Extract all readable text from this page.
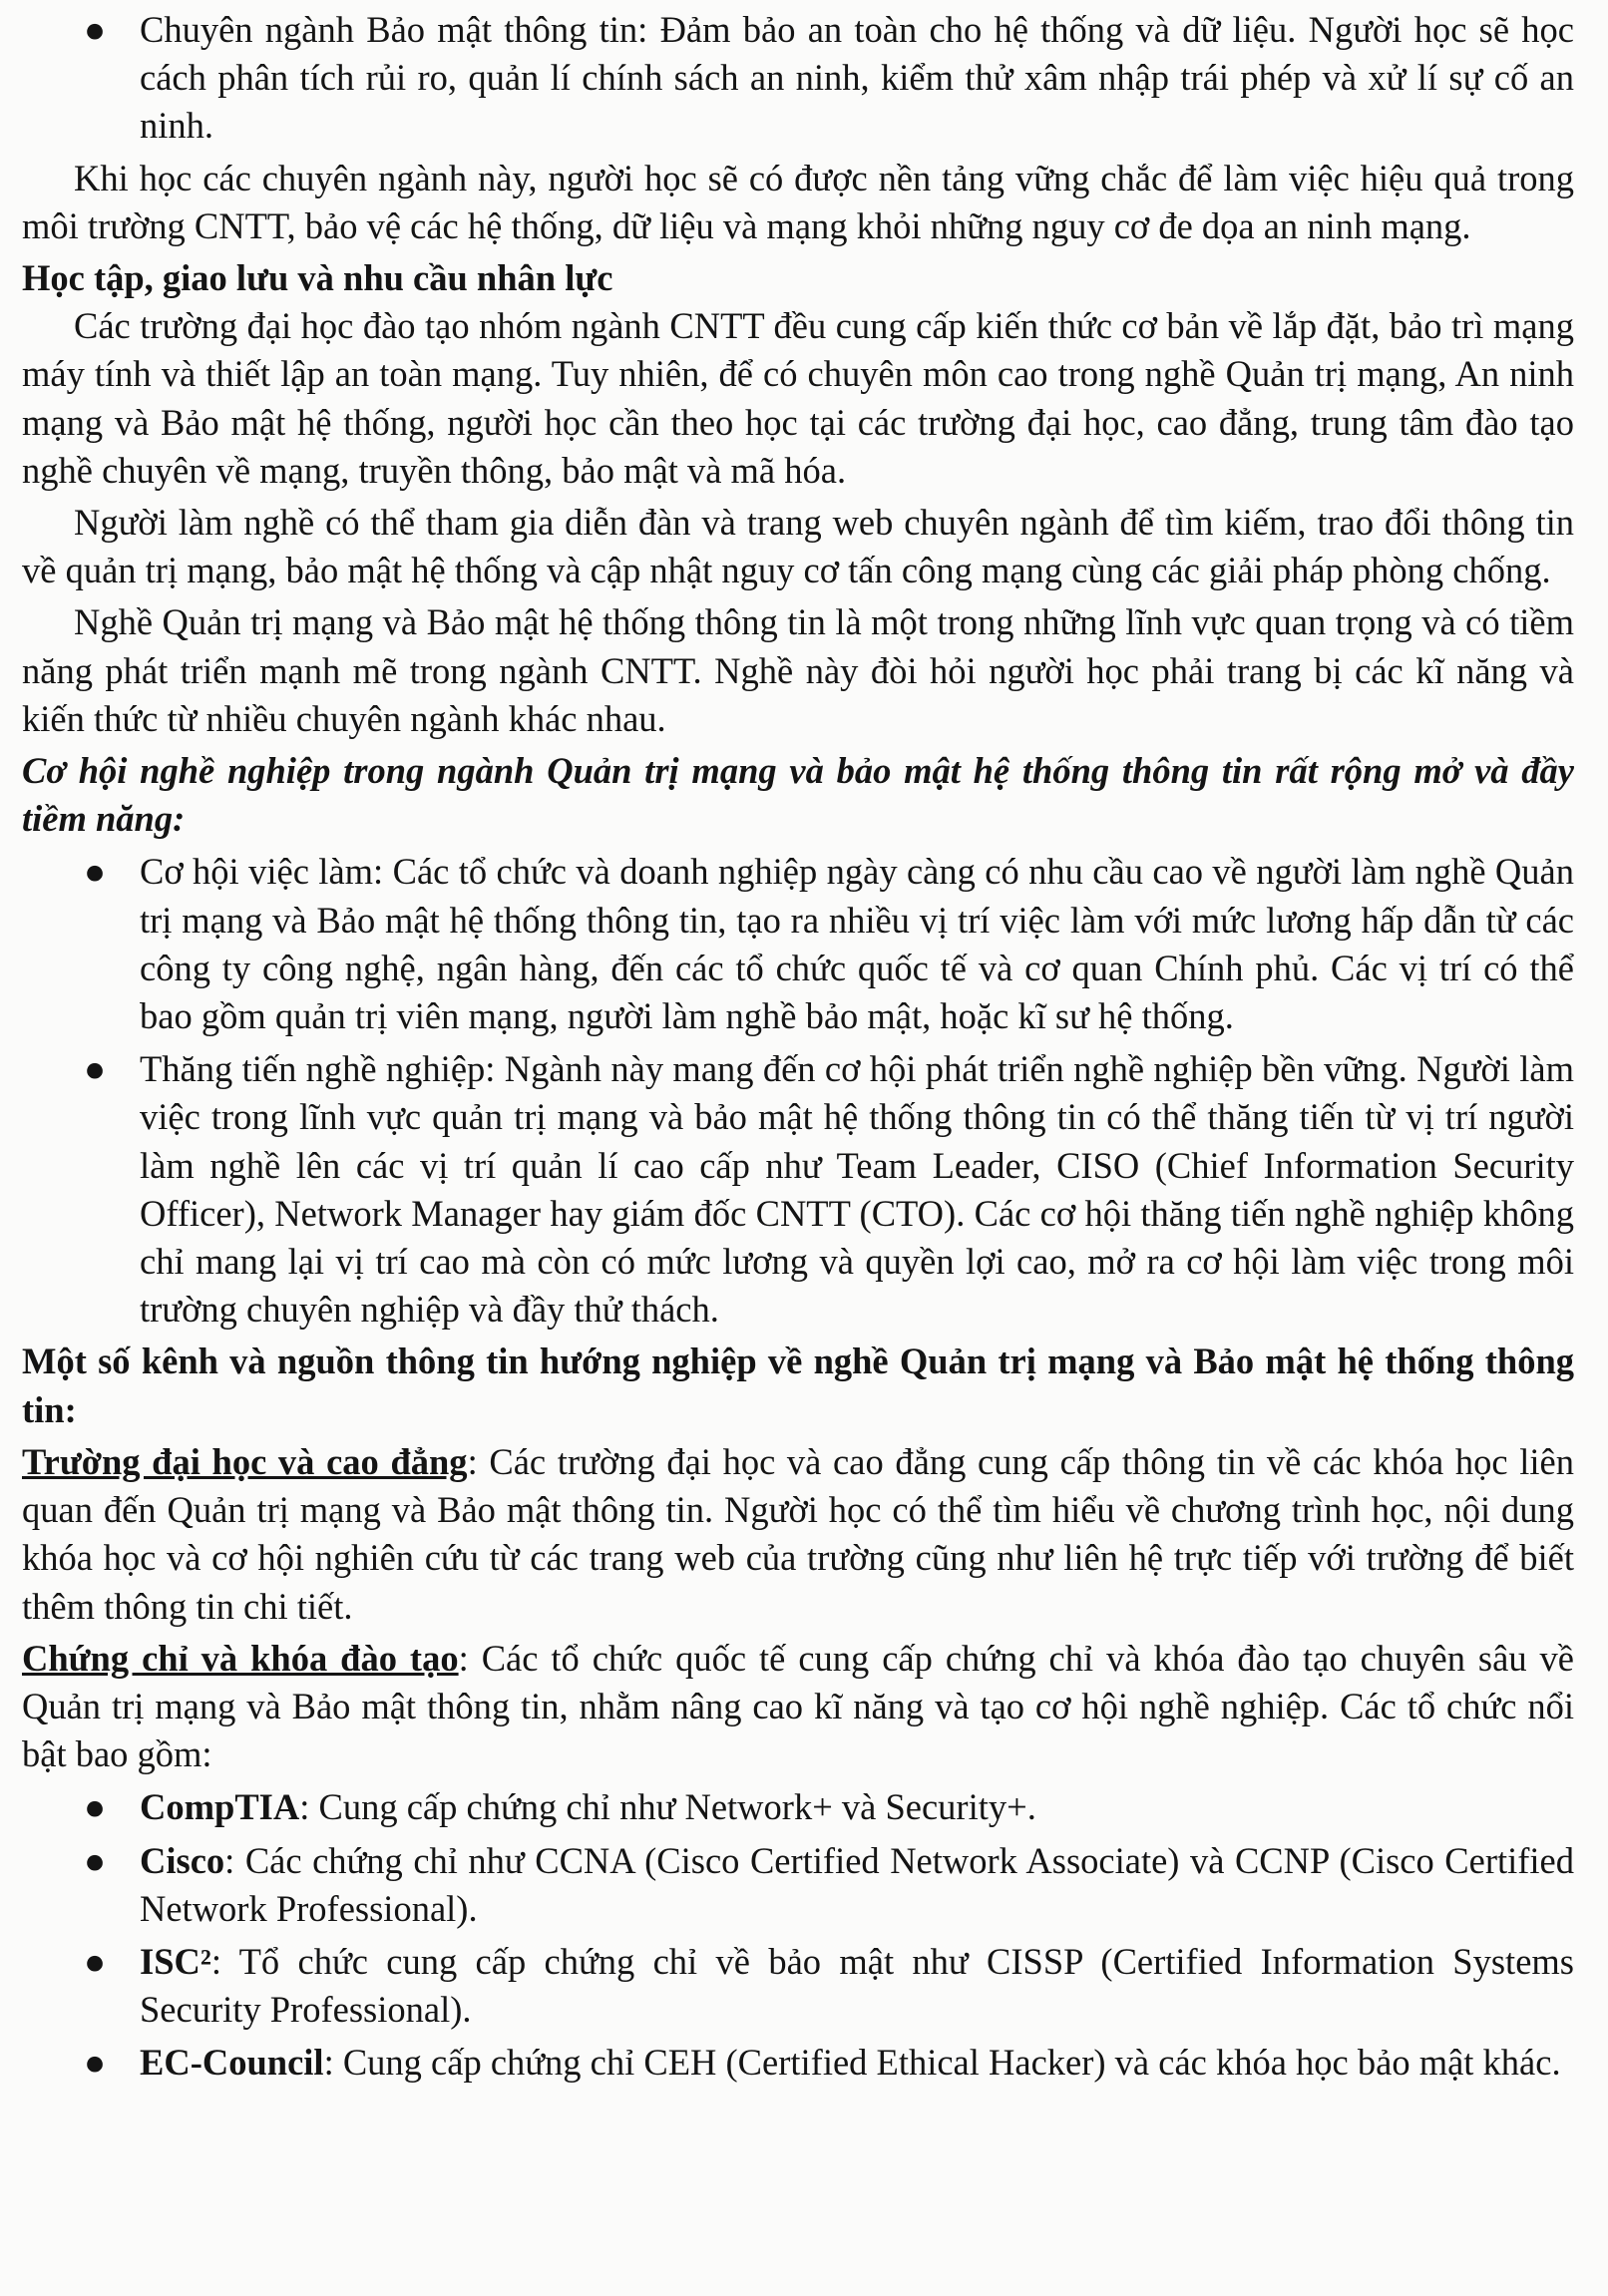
● Chuyên ngành Bảo mật thông tin: Đảm bảo an toàn cho hệ thống và dữ liệu. Người học sẽ học cách phân tích rủi ro, quản lí chính sách an ninh, kiểm thử xâm nhập trái phép và xử lí sự cố an ninh.

Khi học các chuyên ngành này, người học sẽ có được nền tảng vững chắc để làm việc hiệu quả trong môi trường CNTT, bảo vệ các hệ thống, dữ liệu và mạng khỏi những nguy cơ đe dọa an ninh mạng.

Học tập, giao lưu và nhu cầu nhân lực

Các trường đại học đào tạo nhóm ngành CNTT đều cung cấp kiến thức cơ bản về lắp đặt, bảo trì mạng máy tính và thiết lập an toàn mạng. Tuy nhiên, để có chuyên môn cao trong nghề Quản trị mạng, An ninh mạng và Bảo mật hệ thống, người học cần theo học tại các trường đại học, cao đẳng, trung tâm đào tạo nghề chuyên về mạng, truyền thông, bảo mật và mã hóa.

Người làm nghề có thể tham gia diễn đàn và trang web chuyên ngành để tìm kiếm, trao đổi thông tin về quản trị mạng, bảo mật hệ thống và cập nhật nguy cơ tấn công mạng cùng các giải pháp phòng chống.

Nghề Quản trị mạng và Bảo mật hệ thống thông tin là một trong những lĩnh vực quan trọng và có tiềm năng phát triển mạnh mẽ trong ngành CNTT. Nghề này đòi hỏi người học phải trang bị các kĩ năng và kiến thức từ nhiều chuyên ngành khác nhau.

Cơ hội nghề nghiệp trong ngành Quản trị mạng và bảo mật hệ thống thông tin rất rộng mở và đầy tiềm năng:

● Cơ hội việc làm: Các tổ chức và doanh nghiệp ngày càng có nhu cầu cao về người làm nghề Quản trị mạng và Bảo mật hệ thống thông tin, tạo ra nhiều vị trí việc làm với mức lương hấp dẫn từ các công ty công nghệ, ngân hàng, đến các tổ chức quốc tế và cơ quan Chính phủ. Các vị trí có thể bao gồm quản trị viên mạng, người làm nghề bảo mật, hoặc kĩ sư hệ thống.
● Thăng tiến nghề nghiệp: Ngành này mang đến cơ hội phát triển nghề nghiệp bền vững. Người làm việc trong lĩnh vực quản trị mạng và bảo mật hệ thống thông tin có thể thăng tiến từ vị trí người làm nghề lên các vị trí quản lí cao cấp như Team Leader, CISO (Chief Information Security Officer), Network Manager hay giám đốc CNTT (CTO). Các cơ hội thăng tiến nghề nghiệp không chỉ mang lại vị trí cao mà còn có mức lương và quyền lợi cao, mở ra cơ hội làm việc trong môi trường chuyên nghiệp và đầy thử thách.

Một số kênh và nguồn thông tin hướng nghiệp về nghề Quản trị mạng và Bảo mật hệ thống thông tin:

Trường đại học và cao đẳng: Các trường đại học và cao đẳng cung cấp thông tin về các khóa học liên quan đến Quản trị mạng và Bảo mật thông tin. Người học có thể tìm hiểu về chương trình học, nội dung khóa học và cơ hội nghiên cứu từ các trang web của trường cũng như liên hệ trực tiếp với trường để biết thêm thông tin chi tiết.

Chứng chỉ và khóa đào tạo: Các tổ chức quốc tế cung cấp chứng chỉ và khóa đào tạo chuyên sâu về Quản trị mạng và Bảo mật thông tin, nhằm nâng cao kĩ năng và tạo cơ hội nghề nghiệp. Các tổ chức nổi bật bao gồm:

● CompTIA: Cung cấp chứng chỉ như Network+ và Security+.
● Cisco: Các chứng chỉ như CCNA (Cisco Certified Network Associate) và CCNP (Cisco Certified Network Professional).
● ISC²: Tổ chức cung cấp chứng chỉ về bảo mật như CISSP (Certified Information Systems Security Professional).
● EC-Council: Cung cấp chứng chỉ CEH (Certified Ethical Hacker) và các khóa học bảo mật khác.
